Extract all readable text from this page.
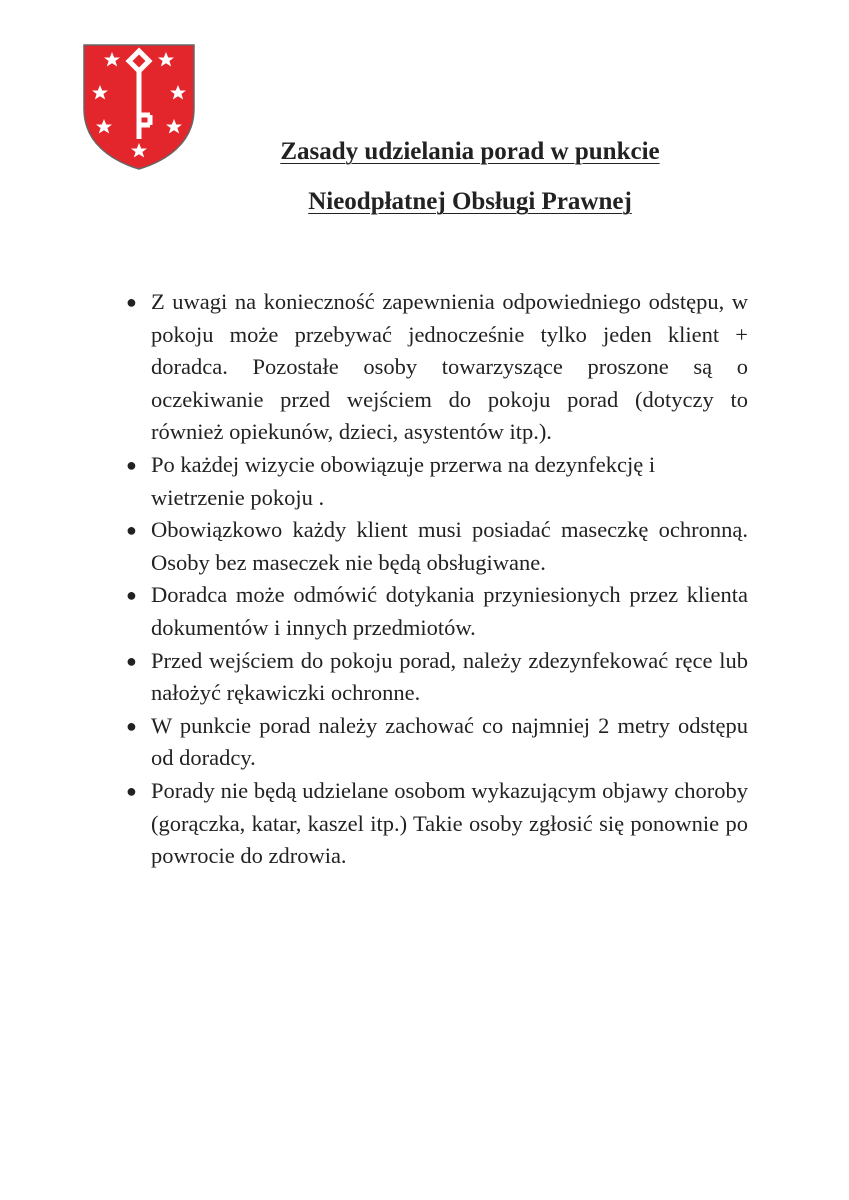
Zasady udzielania porad w punkcie
Nieodpłatnej Obsługi Prawnej
● Z uwagi na konieczność zapewnienia odpowiedniego odstępu, w pokoju może przebywać jednocześnie tylko jeden klient + doradca. Pozostałe osoby towarzyszące proszone są o oczekiwanie przed wejściem do pokoju porad (dotyczy to również opiekunów, dzieci, asystentów itp.).
● Po każdej wizycie obowiązuje przerwa na dezynfekcję i wietrzenie pokoju .
● Obowiązkowo każdy klient musi posiadać maseczkę ochronną. Osoby bez maseczek nie będą obsługiwane.
● Doradca może odmówić dotykania przyniesionych przez klienta dokumentów i innych przedmiotów.
● Przed wejściem do pokoju porad, należy zdezynfekować ręce lub nałożyć rękawiczki ochronne.
● W punkcie porad należy zachować co najmniej 2 metry odstępu od doradcy.
● Porady nie będą udzielane osobom wykazującym objawy choroby (gorączka, katar, kaszel itp.) Takie osoby zgłosić się ponownie po powrocie do zdrowia.
